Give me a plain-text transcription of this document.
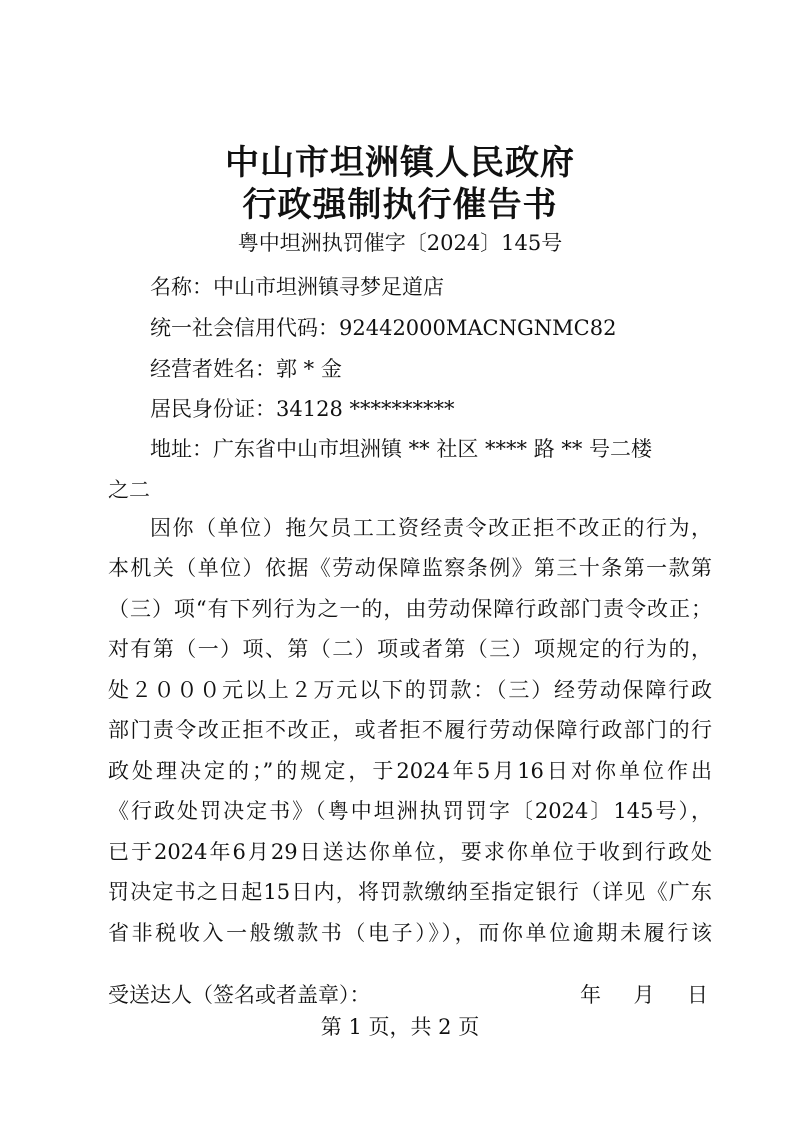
中山市坦洲镇人民政府
行政强制执行催告书
粤中坦洲执罚催字〔2024〕145号
名称：中山市坦洲镇寻梦足道店
统一社会信用代码：92442000MACNGNMC82
经营者姓名：郭 * 金
居民身份证：34128 **********
地址：广东省中山市坦洲镇 ** 社区 **** 路 ** 号二楼
之二
因你（单位）拖欠员工工资经责令改正拒不改正的行为，
本机关（单位）依据《劳动保障监察条例》第三十条第一款第
（三）项“有下列行为之一的，由劳动保障行政部门责令改正；
对有第（一）项、第（二）项或者第（三）项规定的行为的，
处２０００元以上２万元以下的罚款：（三）经劳动保障行政
部门责令改正拒不改正，或者拒不履行劳动保障行政部门的行
政处理决定的；”的规定，于2024年5月16日对你单位作出
《行政处罚决定书》（粤中坦洲执罚罚字〔2024〕145号），
已于2024年6月29日送达你单位，要求你单位于收到行政处
罚决定书之日起15日内，将罚款缴纳至指定银行（详见《广东
省非税收入一般缴款书（电子）》），而你单位逾期未履行该
受送达人（签名或者盖章）：	年 月 日
第 1 页，共 2 页
